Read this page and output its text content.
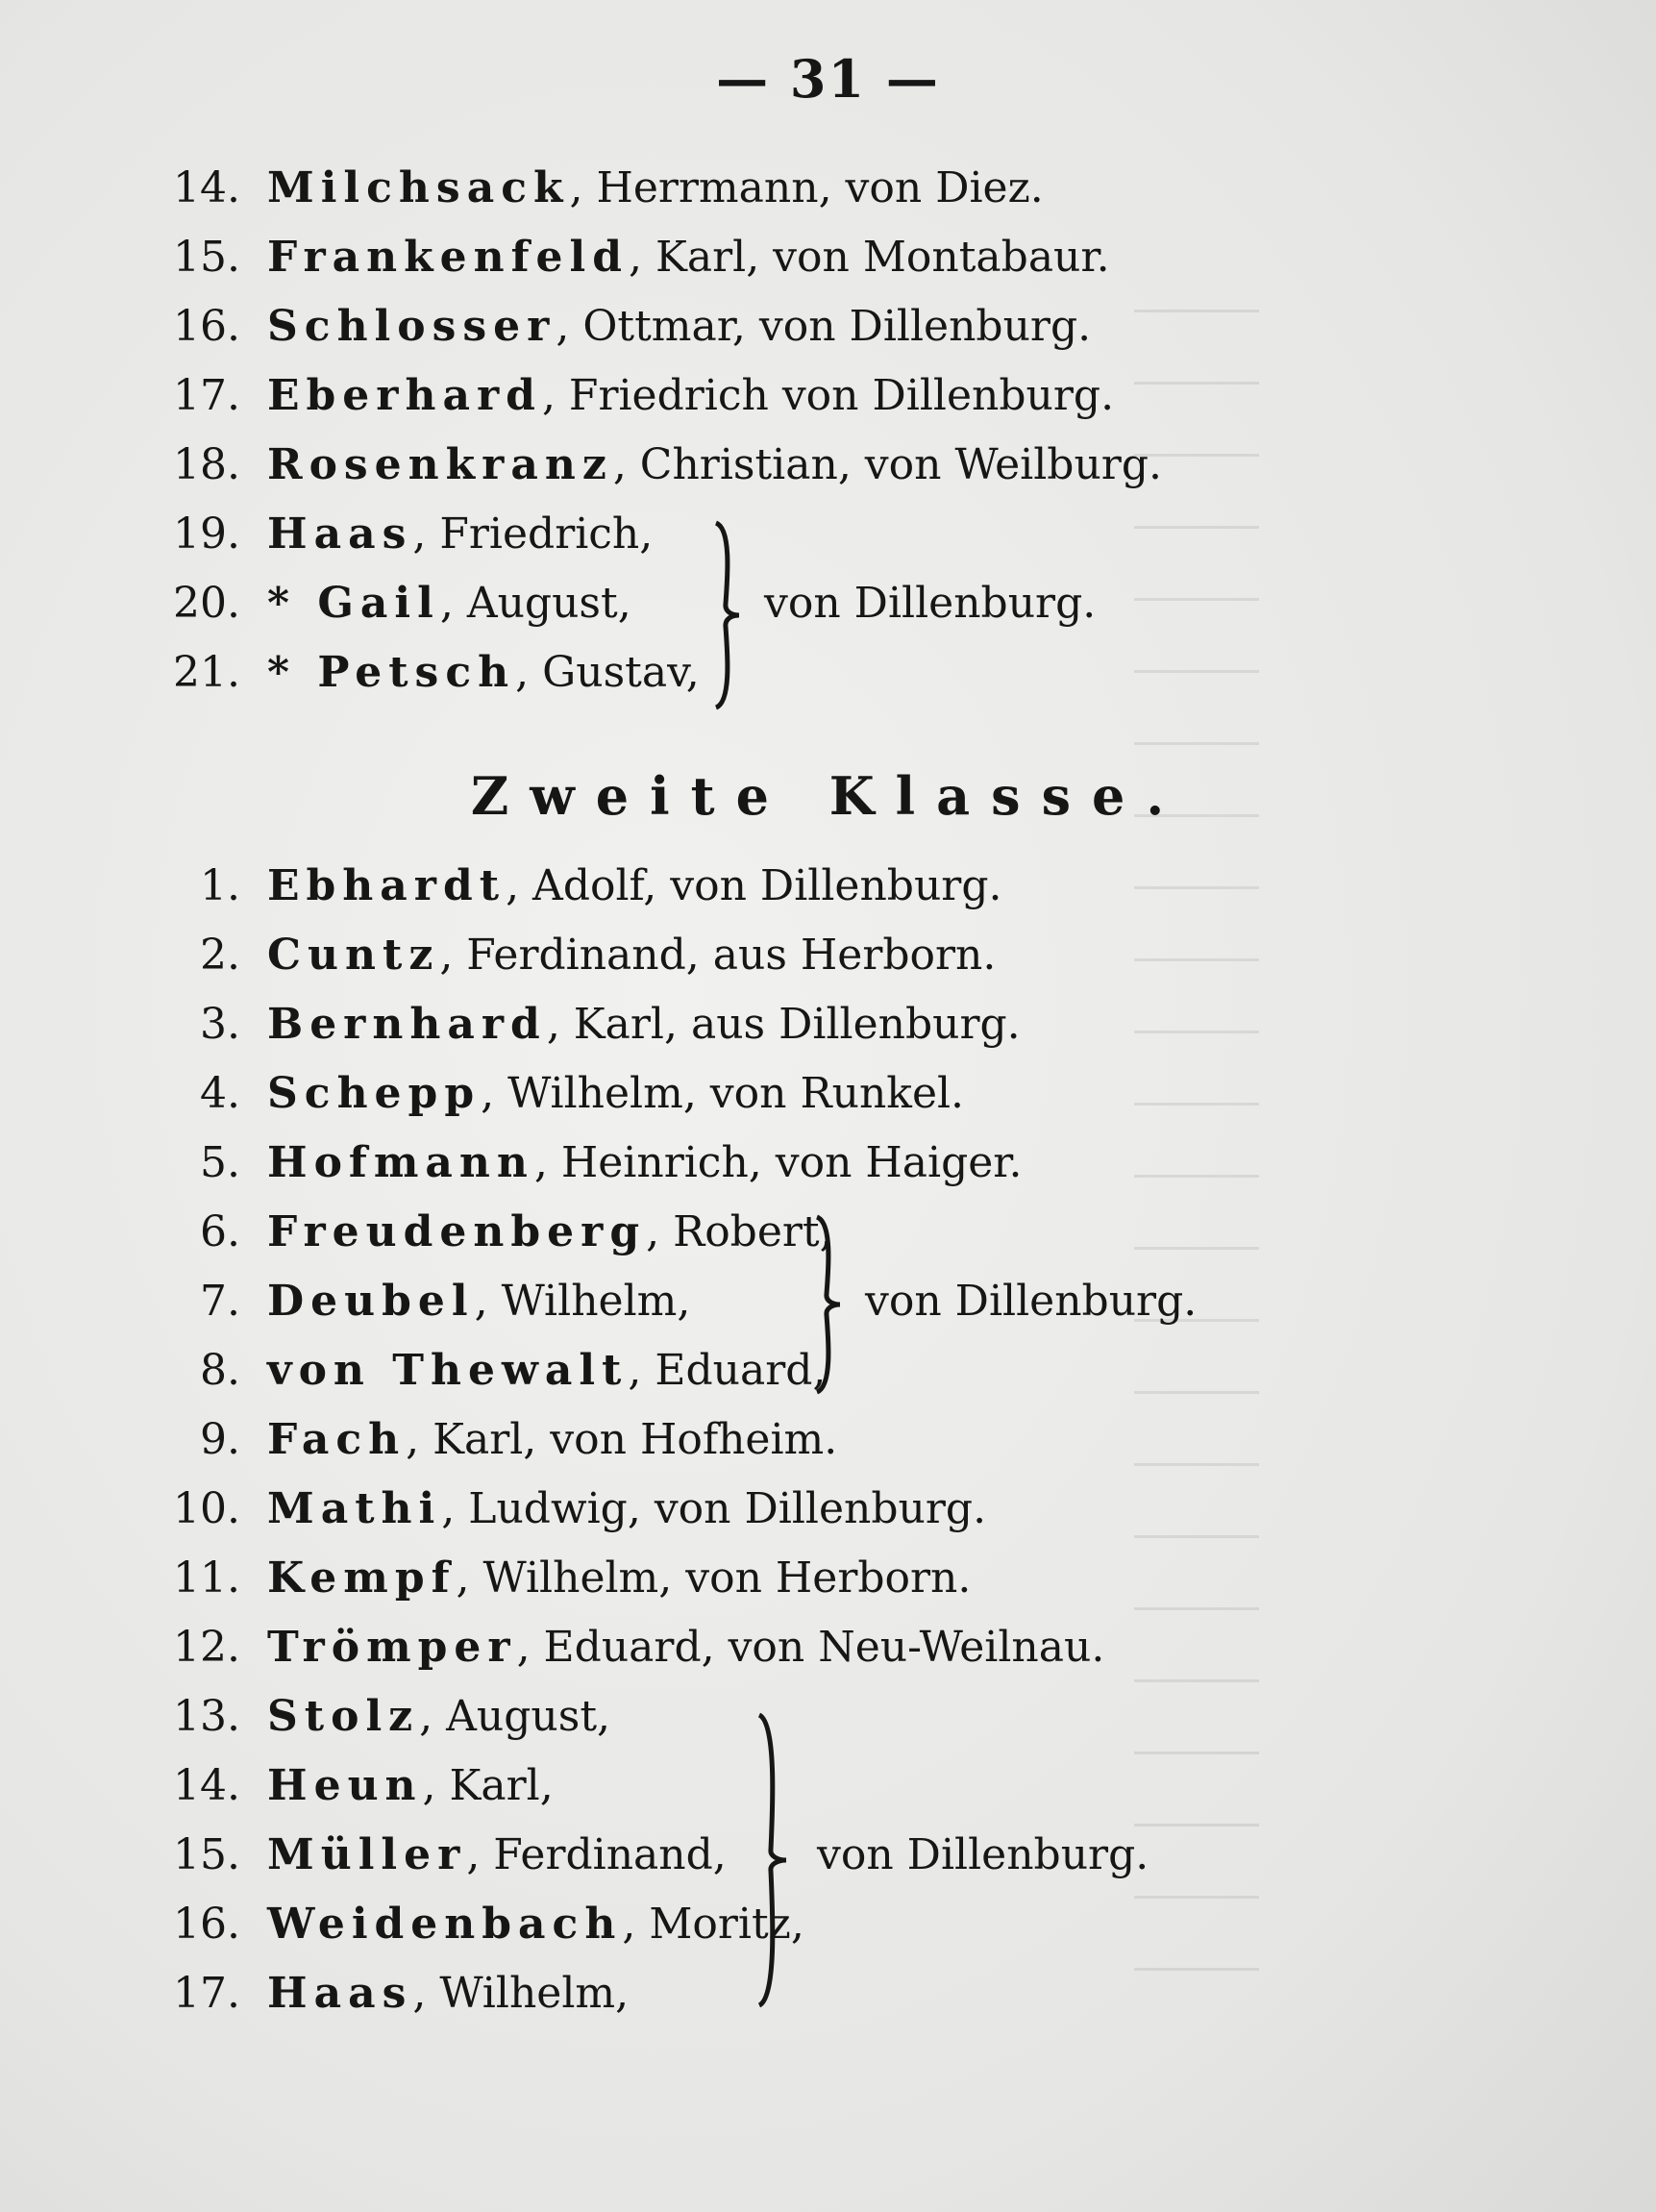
— 31 —
14. Milchsack, Herrmann, von Diez.
15. Frankenfeld, Karl, von Montabaur.
16. Schlosser, Ottmar, von Dillenburg.
17. Eberhard, Friedrich von Dillenburg.
18. Rosenkranz, Christian, von Weilburg.
19. Haas, Friedrich,
20. * Gail, August,
21. * Petsch, Gustav,
von Dillenburg.
Zweite Klasse.
1. Ebhardt, Adolf, von Dillenburg.
2. Cuntz, Ferdinand, aus Herborn.
3. Bernhard, Karl, aus Dillenburg.
4. Schepp, Wilhelm, von Runkel.
5. Hofmann, Heinrich, von Haiger.
6. Freudenberg, Robert,
7. Deubel, Wilhelm,
8. von Thewalt, Eduard,
von Dillenburg.
9. Fach, Karl, von Hofheim.
10. Mathi, Ludwig, von Dillenburg.
11. Kempf, Wilhelm, von Herborn.
12. Trömper, Eduard, von Neu-Weilnau.
13. Stolz, August,
14. Heun, Karl,
15. Müller, Ferdinand,
16. Weidenbach, Moritz,
17. Haas, Wilhelm,
von Dillenburg.
